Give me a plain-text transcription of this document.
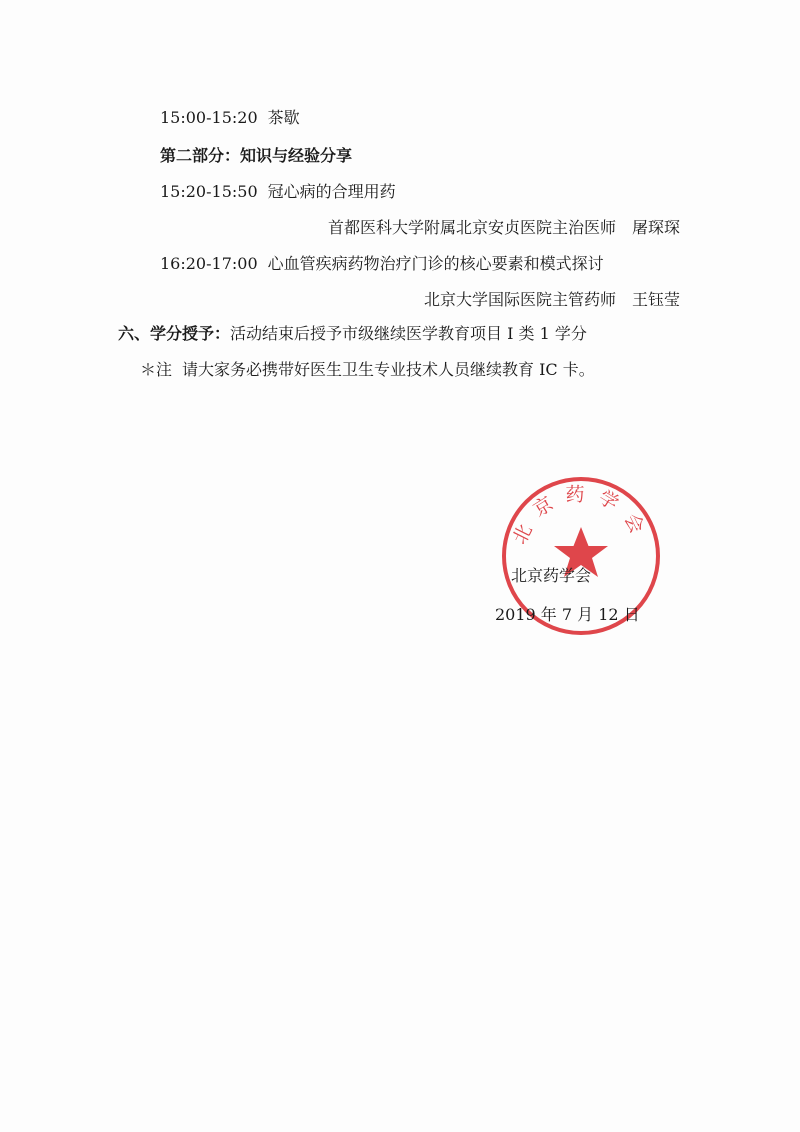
15:00-15:20 茶歇
第二部分：知识与经验分享
15:20-15:50 冠心病的合理用药
首都医科大学附属北京安贞医院主治医师 屠琛琛
16:20-17:00 心血管疾病药物治疗门诊的核心要素和模式探讨
北京大学国际医院主管药师 王钰莹
六、学分授予：活动结束后授予市级继续医学教育项目 I 类 1 学分
＊注 请大家务必携带好医生卫生专业技术人员继续教育 IC 卡。
北京药学会
北京药学会
2019 年 7 月 12 日
